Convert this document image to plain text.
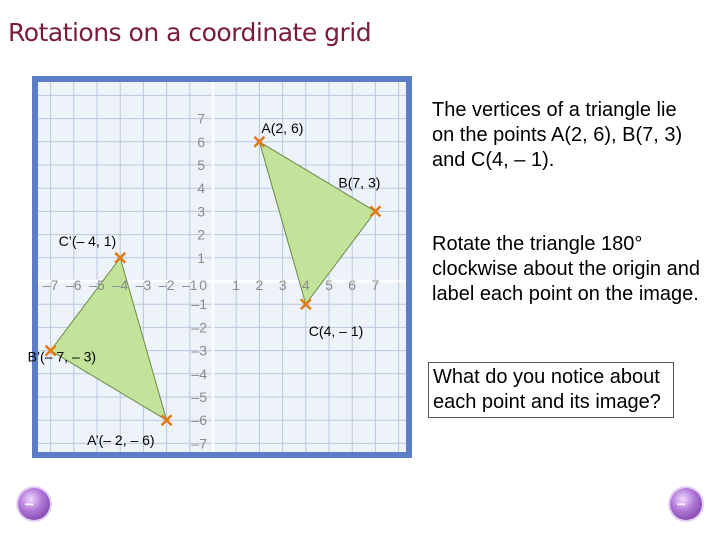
Rotations on a coordinate grid
–7 –6 –5 –4 –3 –2 –1 1 2 3 4 5 6 7
7
6
5
4
3
2
1
–1
–2
–3
–4
–5
–6
–7
0
A(2, 6)
B(7, 3)
C(4, – 1)
C’(– 4, 1)
B’(– 7, – 3)
A’(– 2, – 6)
The vertices of a triangle lie on the points A(2, 6), B(7, 3) and C(4, – 1).
Rotate the triangle 180° clockwise about the origin and label each point on the image.
What do you notice about each point and its image?
•••	•••
